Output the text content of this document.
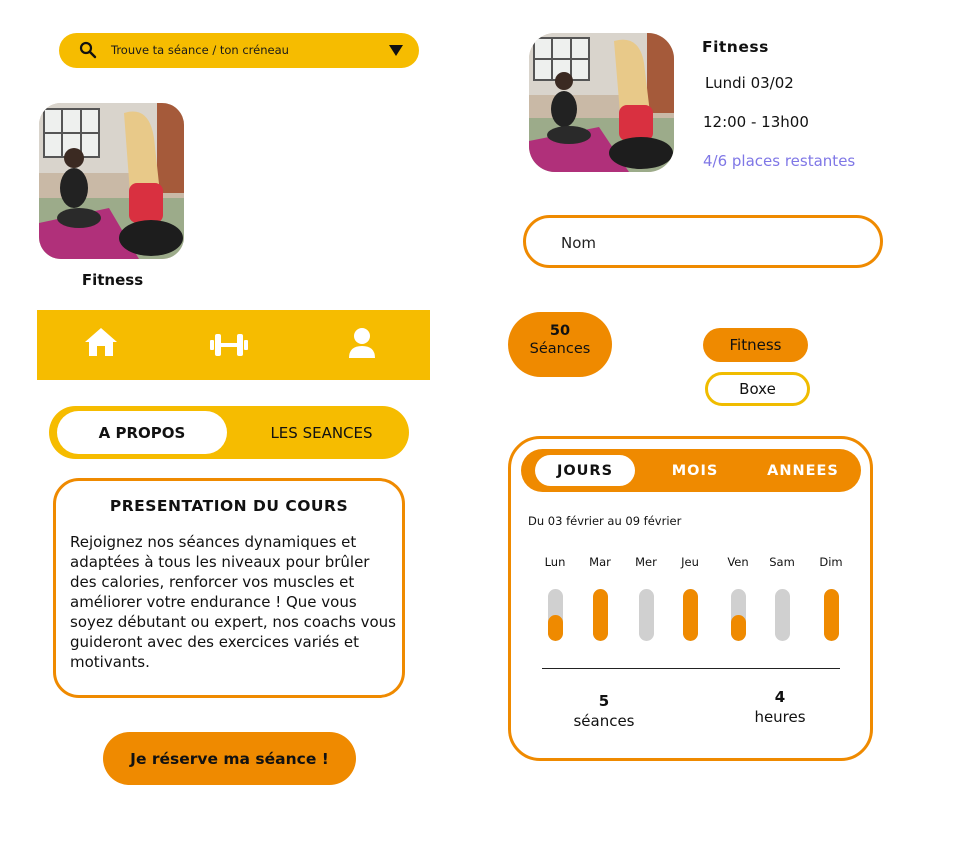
Trouve ta séance / ton créneau
Fitness
A PROPOS	LES SEANCES
PRESENTATION DU COURS

Rejoignez nos séances dynamiques et adaptées à tous les niveaux pour brûler des calories, renforcer vos muscles et améliorer votre endurance ! Que vous soyez débutant ou expert, nos coachs vous guideront avec des exercices variés et motivants.

Je réserve ma séance !
Fitness
Lundi 03/02
12:00 - 13h00
4/6 places restantes
Nom
50
Séances	Fitness
Boxe
JOURS	MOIS	ANNEES
Du 03 février au 09 février
Lun	Mar	Mer	Jeu	Ven	Sam	Dim
5
séances
4
heures
